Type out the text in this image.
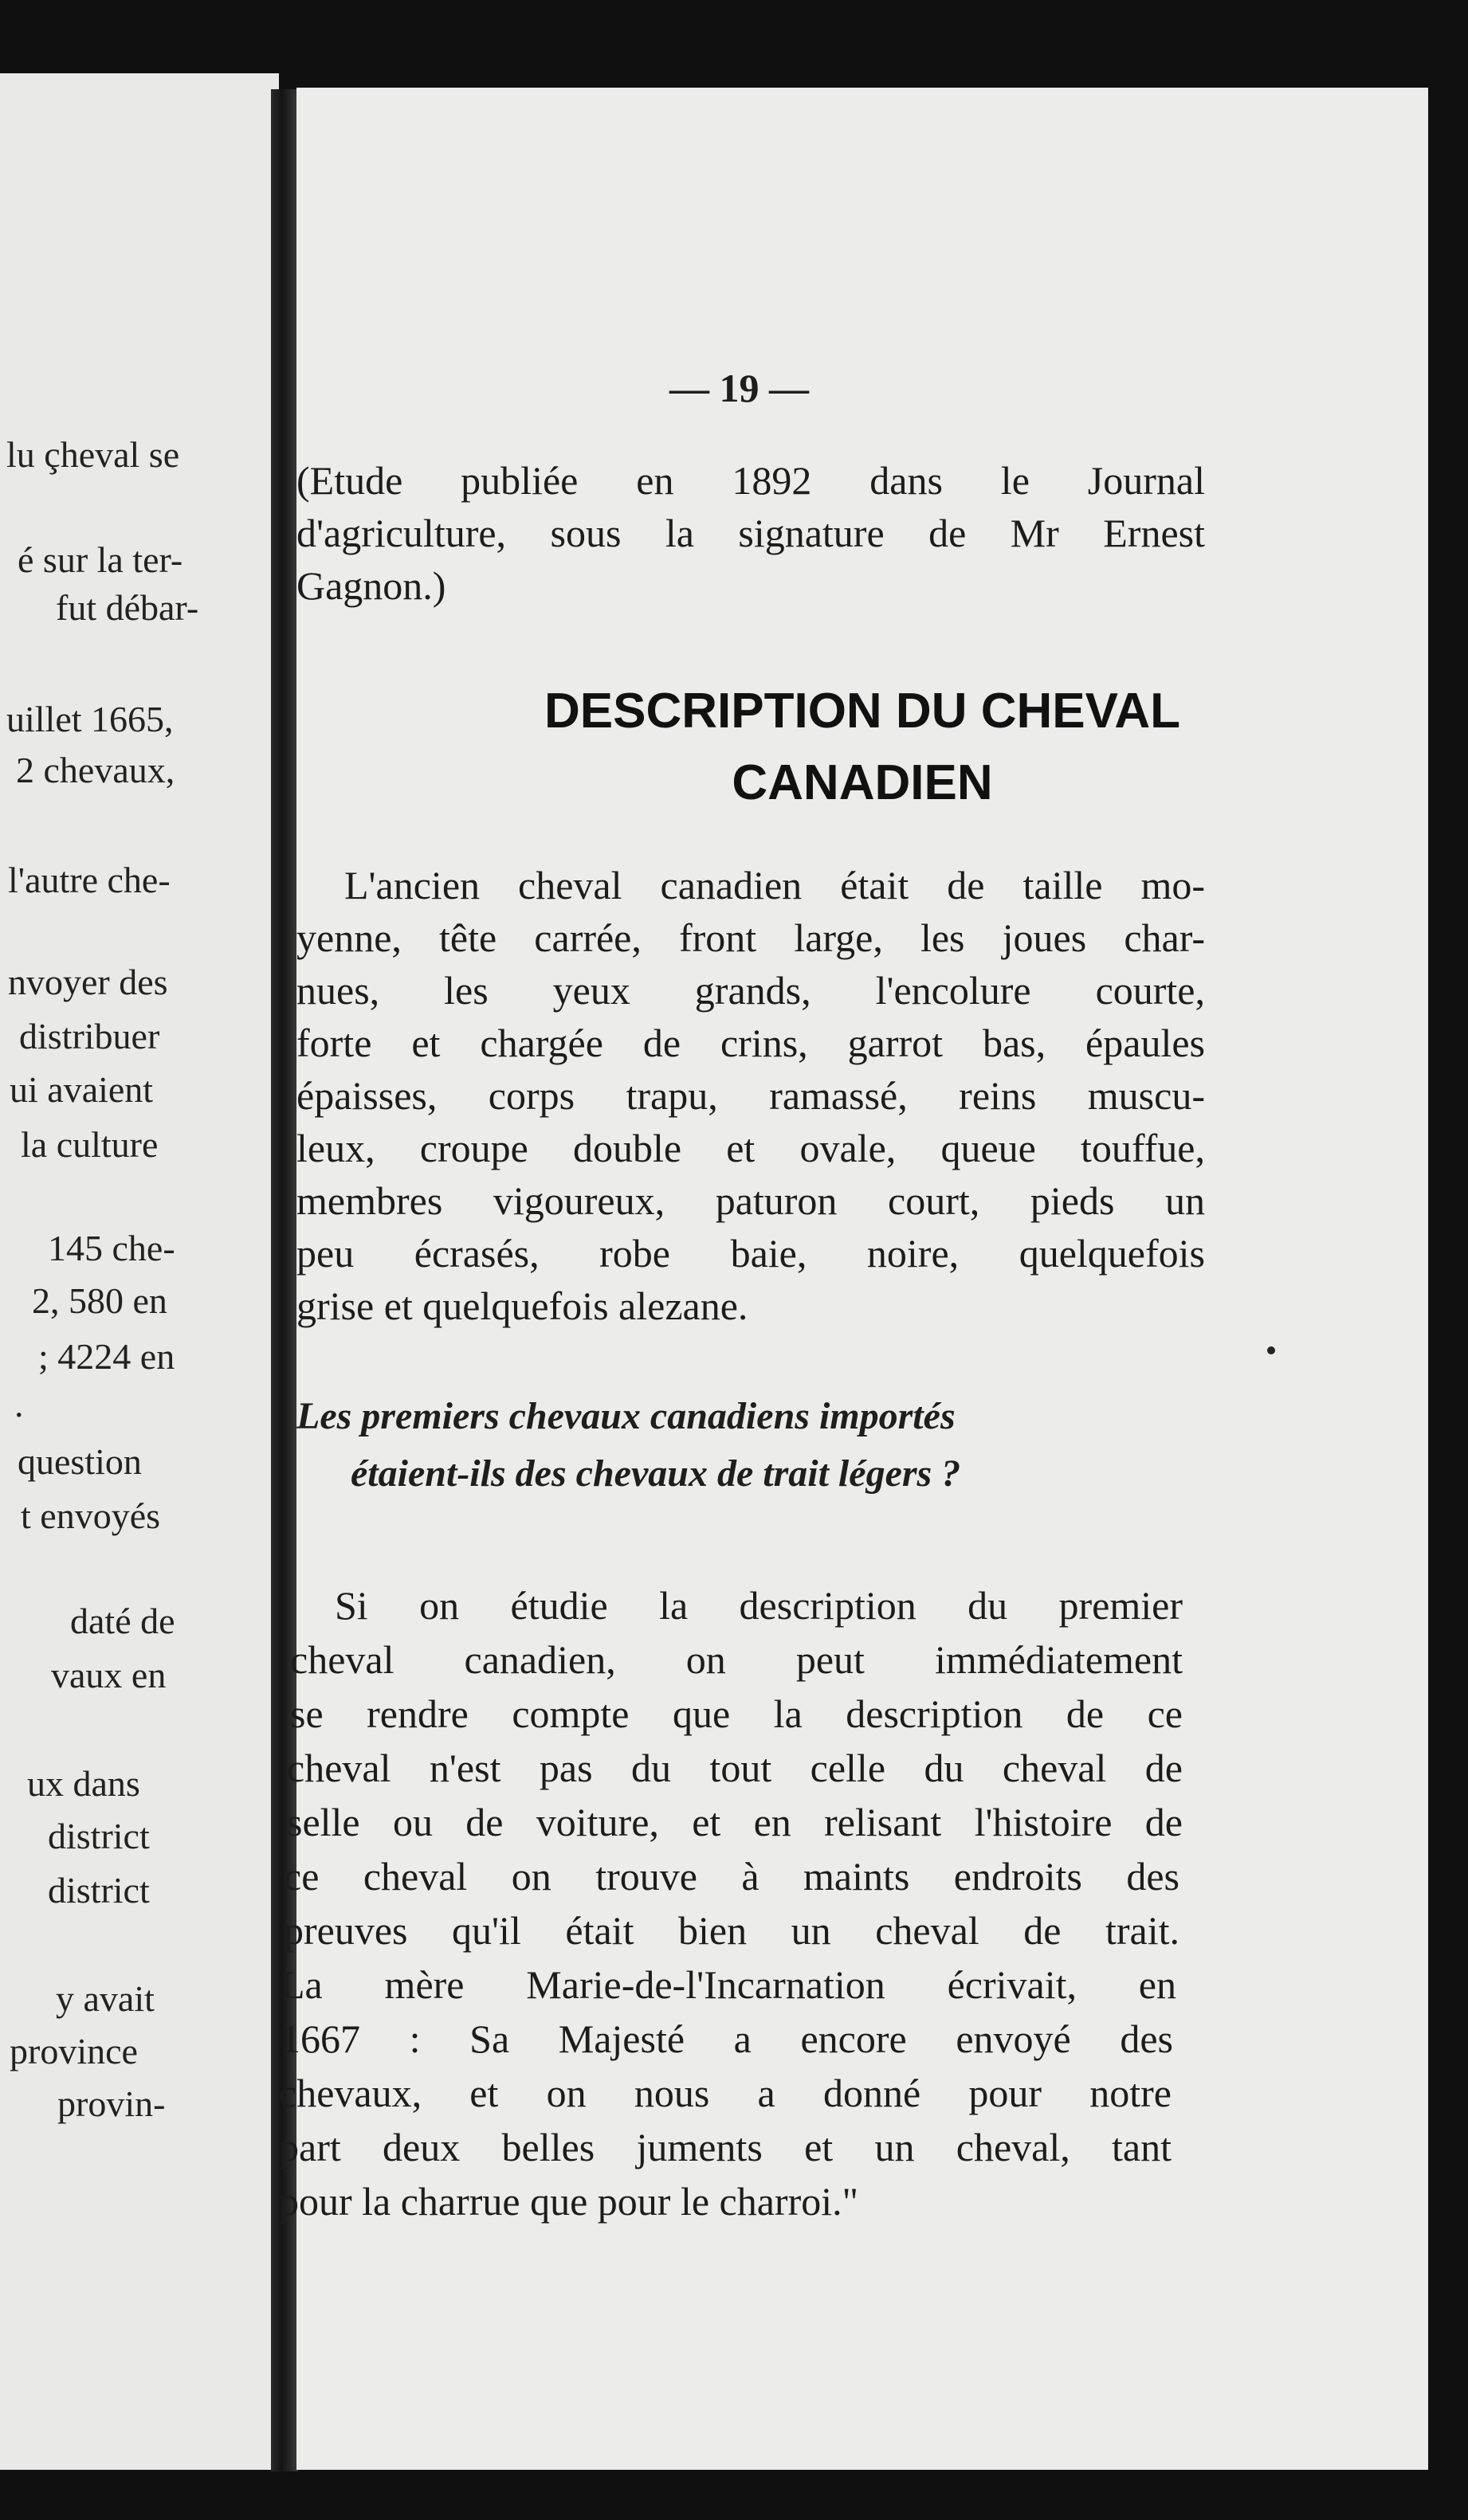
lu çheval se
é sur la ter-
fut débar-
uillet 1665,
2 chevaux,
l'autre che-
nvoyer des
distribuer
ui avaient
la culture
145 che-
2, 580 en
; 4224 en
.
question
t envoyés
daté de
vaux en
ux dans
district
district
y avait
province
provin-
— 19 —
(Etude publiée en 1892 dans le Journal
d'agriculture, sous la signature de Mr Ernest
Gagnon.)
DESCRIPTION DU CHEVAL
CANADIEN
L'ancien cheval canadien était de taille mo-
yenne, tête carrée, front large, les joues char-
nues, les yeux grands, l'encolure courte,
forte et chargée de crins, garrot bas, épaules
épaisses, corps trapu, ramassé, reins muscu-
leux, croupe double et ovale, queue touffue,
membres vigoureux, paturon court, pieds un
peu écrasés, robe baie, noire, quelquefois
grise et quelquefois alezane.
Les premiers chevaux canadiens importés
étaient-ils des chevaux de trait légers ?
Si on étudie la description du premier
cheval canadien, on peut immédiatement
se rendre compte que la description de ce
cheval n'est pas du tout celle du cheval de
selle ou de voiture, et en relisant l'histoire de
ce cheval on trouve à maints endroits des
preuves qu'il était bien un cheval de trait.
La mère Marie-de-l'Incarnation écrivait, en
1667 : Sa Majesté a encore envoyé des
chevaux, et on nous a donné pour notre
part deux belles juments et un cheval, tant
pour la charrue que pour le charroi."
